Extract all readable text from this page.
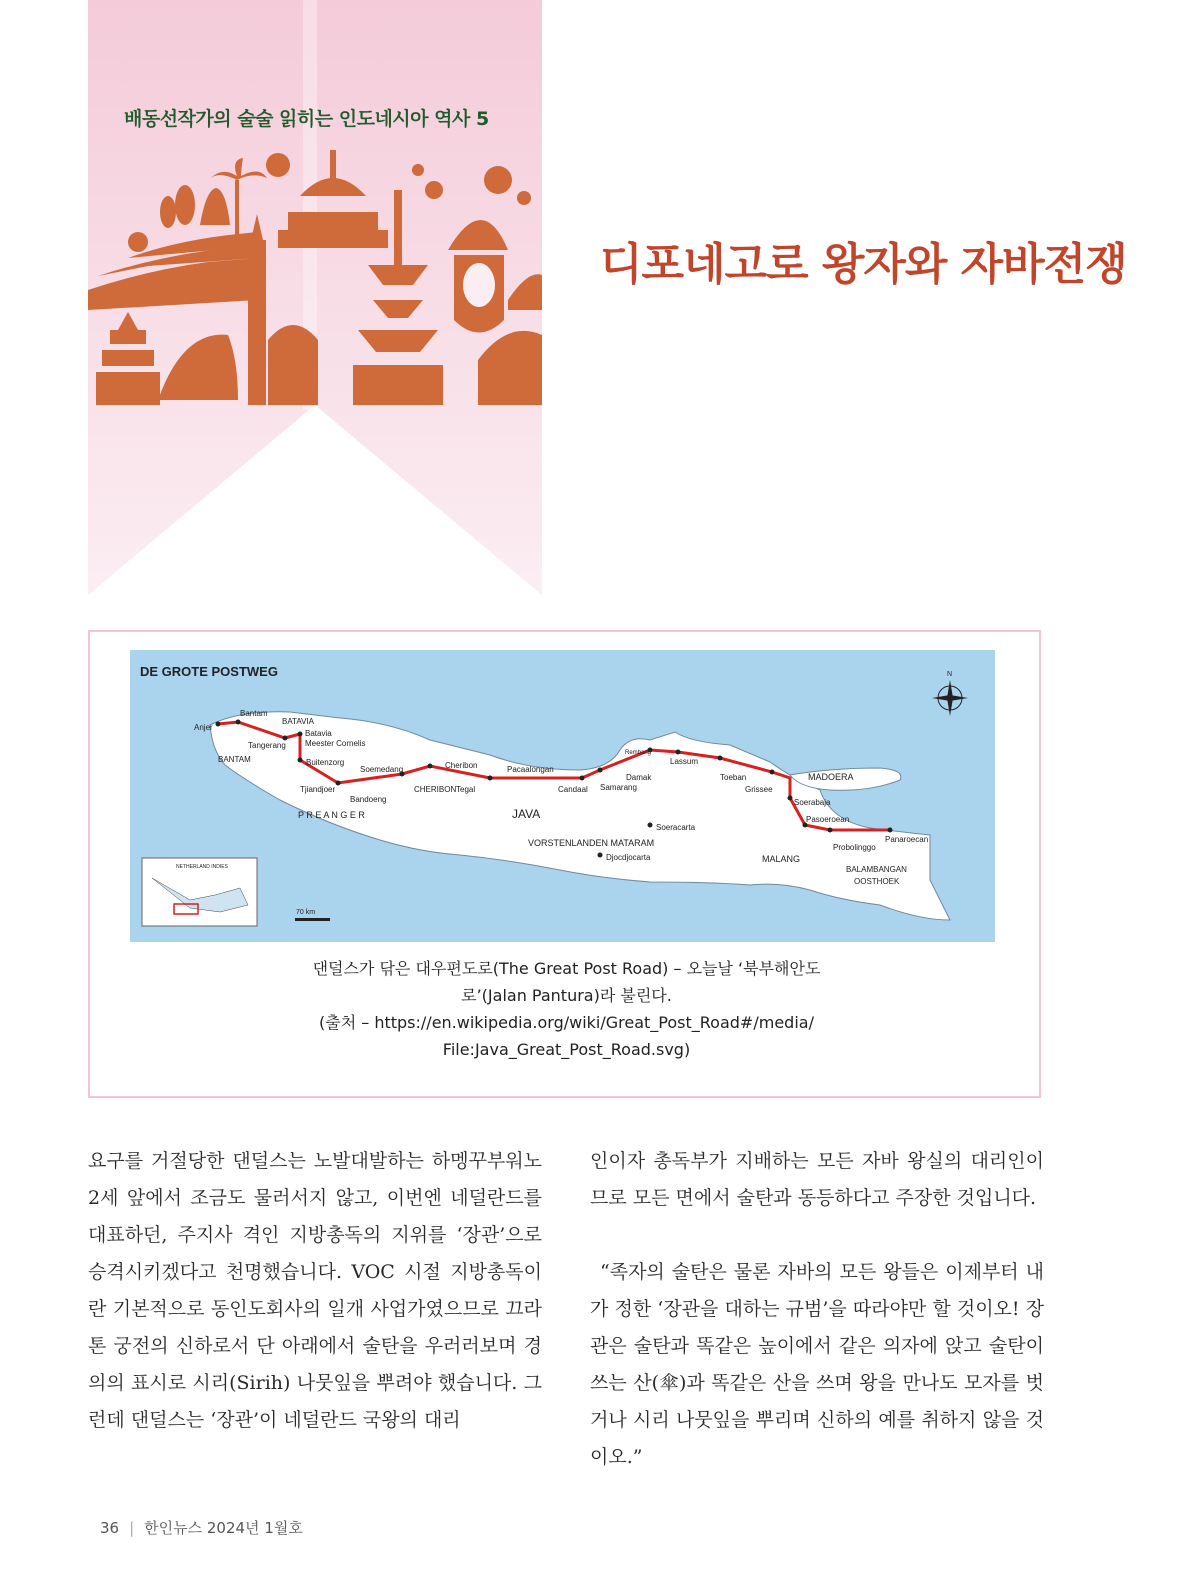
배동선작가의 술술 읽히는 인도네시아 역사 5
디포네고로 왕자와 자바전쟁
DE GROTE POSTWEG
Anjer
Bantam
BATAVIA
Batavia
Meester Cornelis
Tangerang
BANTAM	Buitenzorg
Soemedang	Cheribon	Pacaalongan
Tjiandjoer
Bandoeng
CHERIBON Tegal	Candaal Samarang
P R E A N G E R	JAVA
Rembang
Lassum
Damak	Toeban
Grissee
MADOERA
Soerabaja
Pasoeroean
Panaroecan
Probolinggo
Soeracarta
Djocdjocarta
VORSTENLANDEN MATARAM
MALANG
BALAMBANGAN
OOSTHOEK
NETHERLAND INDIES
70 km
N
댄덜스가 닦은 대우편도로(The Great Post Road) – 오늘날 ‘북부해안도
로’(Jalan Pantura)라 불린다.
(출처 – https://en.wikipedia.org/wiki/Great_Post_Road#/media/
File:Java_Great_Post_Road.svg)

요구를 거절당한 댄덜스는 노발대발하는 하멩꾸부워노 2세 앞에서 조금도 물러서지 않고, 이번엔 네덜란드를 대표하던, 주지사 격인 지방총독의 지위를 ‘장관’으로 승격시키겠다고 천명했습니다. VOC 시절 지방총독이란 기본적으로 동인도회사의 일개 사업가였으므로 끄라톤 궁전의 신하로서 단 아래에서 술탄을 우러러보며 경의의 표시로 시리(Sirih) 나뭇잎을 뿌려야 했습니다. 그런데 댄덜스는 ‘장관’이 네덜란드 국왕의 대리

인이자 총독부가 지배하는 모든 자바 왕실의 대리인이므로 모든 면에서 술탄과 동등하다고 주장한 것입니다.

“족자의 술탄은 물론 자바의 모든 왕들은 이제부터 내가 정한 ‘장관을 대하는 규범’을 따라야만 할 것이오! 장관은 술탄과 똑같은 높이에서 같은 의자에 앉고 술탄이 쓰는 산(傘)과 똑같은 산을 쓰며 왕을 만나도 모자를 벗거나 시리 나뭇잎을 뿌리며 신하의 예를 취하지 않을 것이오.”

36 | 한인뉴스 2024년 1월호
